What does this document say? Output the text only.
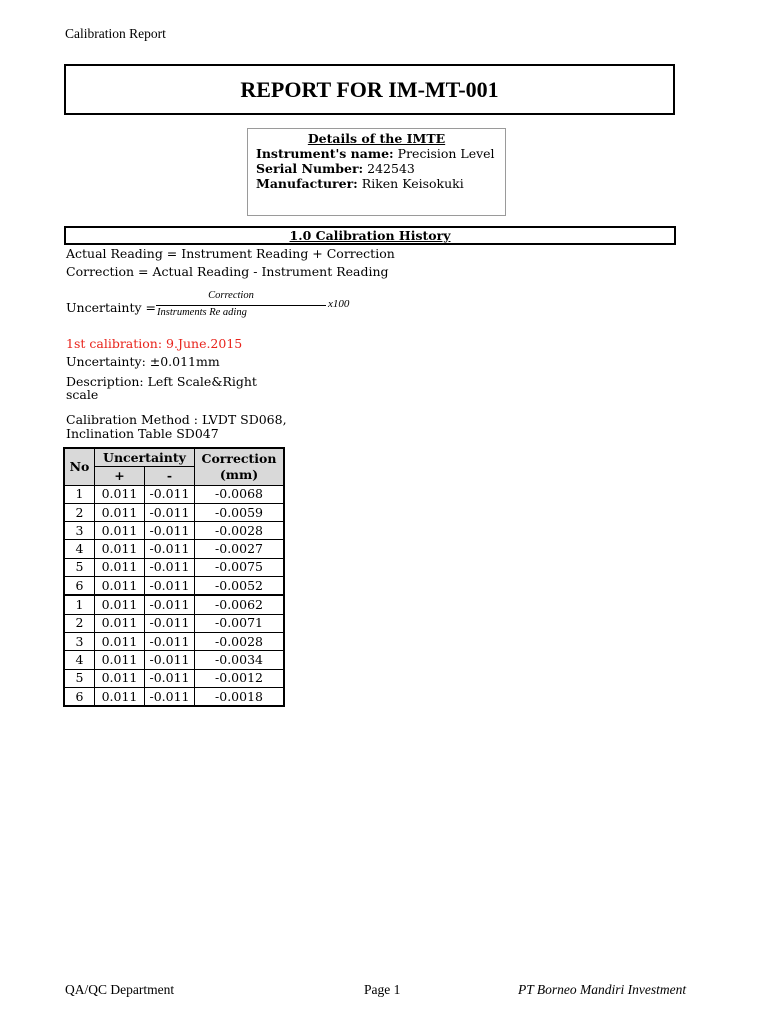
Calibration Report
REPORT FOR IM-MT-001
Details of the IMTE
Instrument's name: Precision Level
Serial Number: 242543
Manufacturer: Riken Keisokuki
1.0 Calibration History
Actual Reading = Instrument Reading + Correction
Correction = Actual Reading - Instrument Reading
Uncertainty =
Correction
Instruments Re ading
x100
1st calibration: 9.June.2015
Uncertainty: ±0.011mm
Description: Left Scale&Right scale
Calibration Method : LVDT SD068, Inclination Table SD047
No	Uncertainty		Correction (mm)
	+	-	
1	0.011	-0.011	-0.0068
2	0.011	-0.011	-0.0059
3	0.011	-0.011	-0.0028
4	0.011	-0.011	-0.0027
5	0.011	-0.011	-0.0075
6	0.011	-0.011	-0.0052
1	0.011	-0.011	-0.0062
2	0.011	-0.011	-0.0071
3	0.011	-0.011	-0.0028
4	0.011	-0.011	-0.0034
5	0.011	-0.011	-0.0012
6	0.011	-0.011	-0.0018
QA/QC Department	Page 1	PT Borneo Mandiri Investment
